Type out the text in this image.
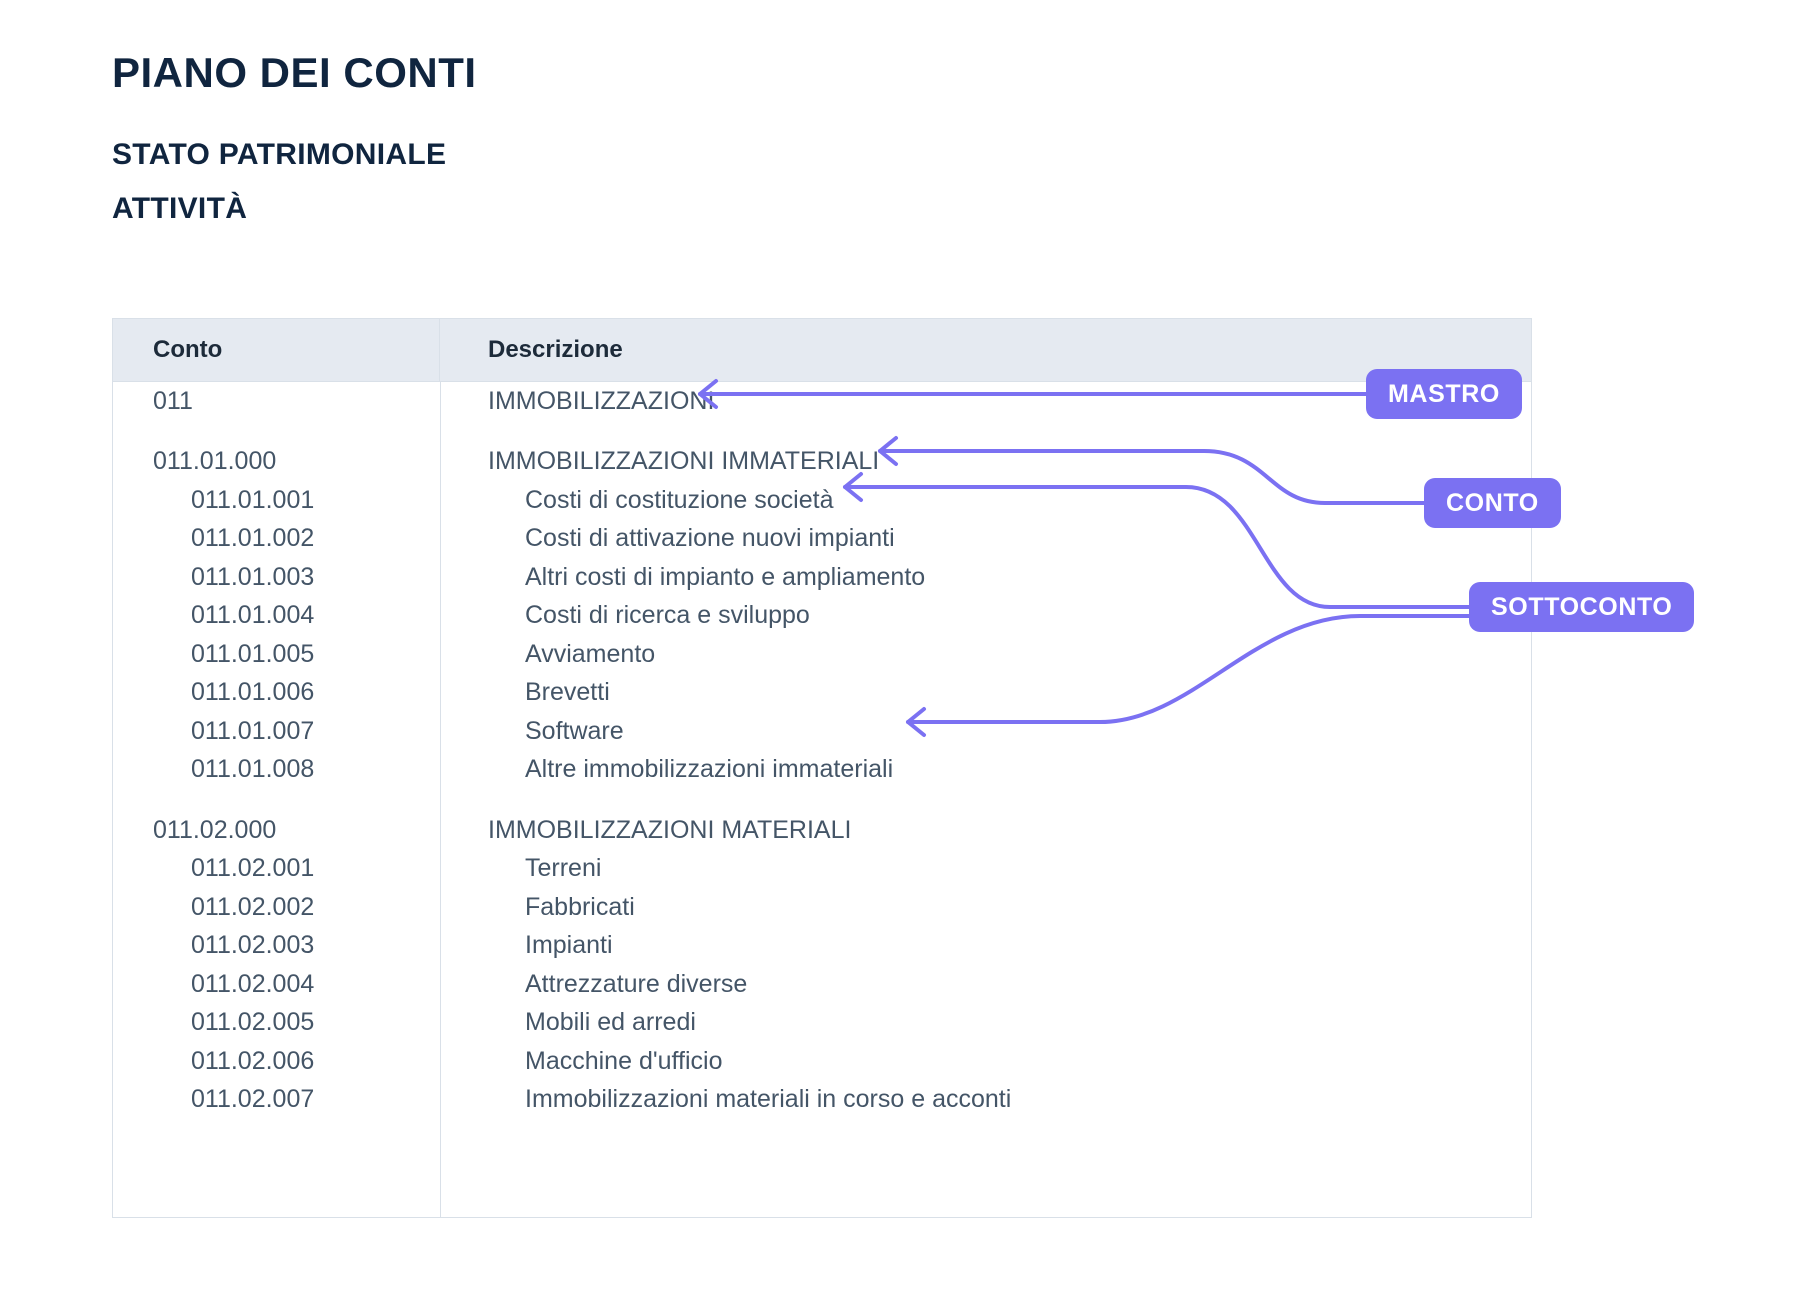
PIANO DEI CONTI
STATO PATRIMONIALE
ATTIVITÀ
Conto	Descrizione
011	IMMOBILIZZAZIONI
011.01.000	IMMOBILIZZAZIONI IMMATERIALI
011.01.001	Costi di costituzione società
011.01.002	Costi di attivazione nuovi impianti
011.01.003	Altri costi di impianto e ampliamento
011.01.004	Costi di ricerca e sviluppo
011.01.005	Avviamento
011.01.006	Brevetti
011.01.007	Software
011.01.008	Altre immobilizzazioni immateriali
011.02.000	IMMOBILIZZAZIONI MATERIALI
011.02.001	Terreni
011.02.002	Fabbricati
011.02.003	Impianti
011.02.004	Attrezzature diverse
011.02.005	Mobili ed arredi
011.02.006	Macchine d'ufficio
011.02.007	Immobilizzazioni materiali in corso e acconti
MASTRO
CONTO
SOTTOCONTO
